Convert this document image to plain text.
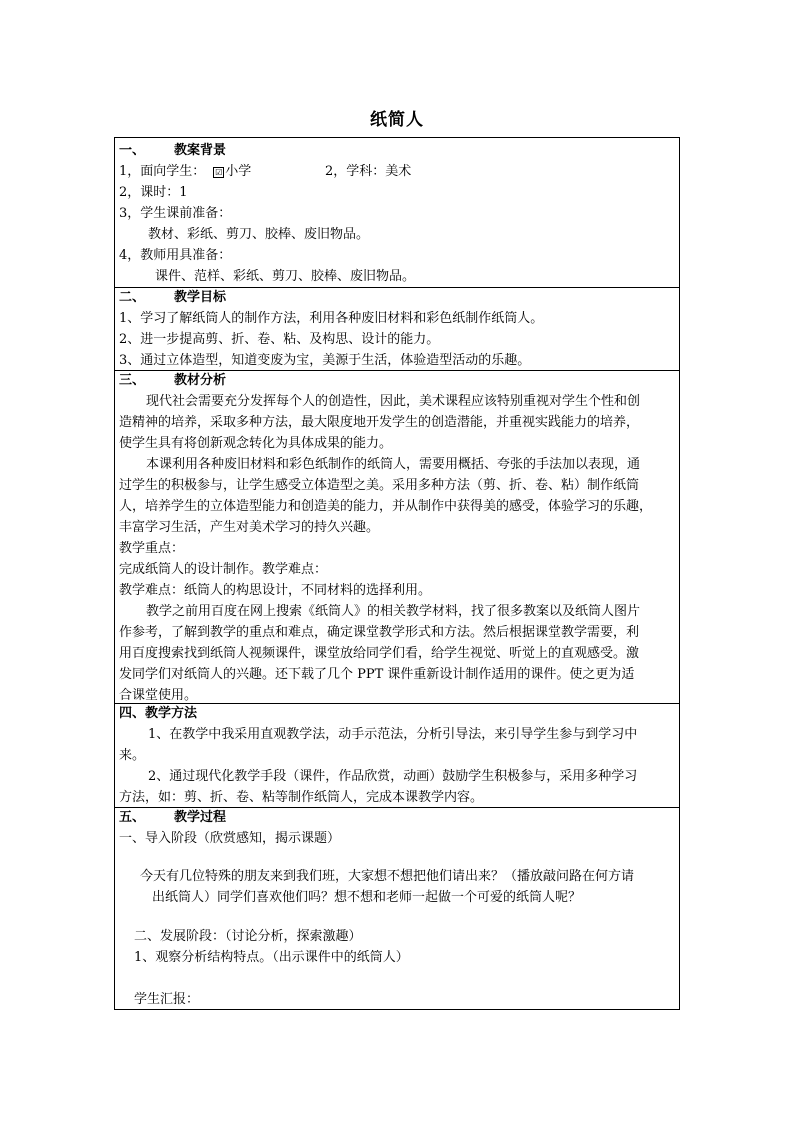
纸简人
一、 教案背景
1，面向学生： ☑ 小学	2，学科：美术
2，课时：1
3，学生课前准备：
教材、彩纸、剪刀、胶棒、废旧物品。
4，教师用具准备：
课件、范样、彩纸、剪刀、胶棒、废旧物品。
二、 教学目标
1、学习了解纸筒人的制作方法，利用各种废旧材料和彩色纸制作纸筒人。
2、进一步提高剪、折、卷、粘、及构思、设计的能力。
3、通过立体造型，知道变废为宝，美源于生活，体验造型活动的乐趣。
三、 教材分析
现代社会需要充分发挥每个人的创造性，因此，美术课程应该特别重视对学生个性和创
造精神的培养，采取多种方法，最大限度地开发学生的创造潜能，并重视实践能力的培养，
使学生具有将创新观念转化为具体成果的能力。
本课利用各种废旧材料和彩色纸制作的纸筒人，需要用概括、夸张的手法加以表现，通
过学生的积极参与，让学生感受立体造型之美。采用多种方法（剪、折、卷、粘）制作纸筒
人，培养学生的立体造型能力和创造美的能力，并从制作中获得美的感受，体验学习的乐趣，
丰富学习生活，产生对美术学习的持久兴趣。
教学重点：
完成纸筒人的设计制作。教学难点：
教学难点：纸筒人的构思设计，不同材料的选择利用。
教学之前用百度在网上搜索《纸筒人》的相关教学材料，找了很多教案以及纸筒人图片
作参考，了解到教学的重点和难点，确定课堂教学形式和方法。然后根据课堂教学需要，利
用百度搜索找到纸筒人视频课件，课堂放给同学们看，给学生视觉、听觉上的直观感受。激
发同学们对纸筒人的兴趣。还下载了几个 PPT 课件重新设计制作适用的课件。使之更为适
合课堂使用。
四、教学方法
1、在教学中我采用直观教学法，动手示范法，分析引导法，来引导学生参与到学习中
来。
2、通过现代化教学手段（课件，作品欣赏，动画）鼓励学生积极参与，采用多种学习
方法，如：剪、折、卷、粘等制作纸筒人，完成本课教学内容。
五、 教学过程
一、导入阶段（欣赏感知，揭示课题）
今天有几位特殊的朋友来到我们班，大家想不想把他们请出来？（播放敲问路在何方请
出纸筒人）同学们喜欢他们吗？想不想和老师一起做一个可爱的纸筒人呢？
二、发展阶段：（讨论分析，探索激趣）
1、观察分析结构特点。（出示课件中的纸筒人）
学生汇报：
